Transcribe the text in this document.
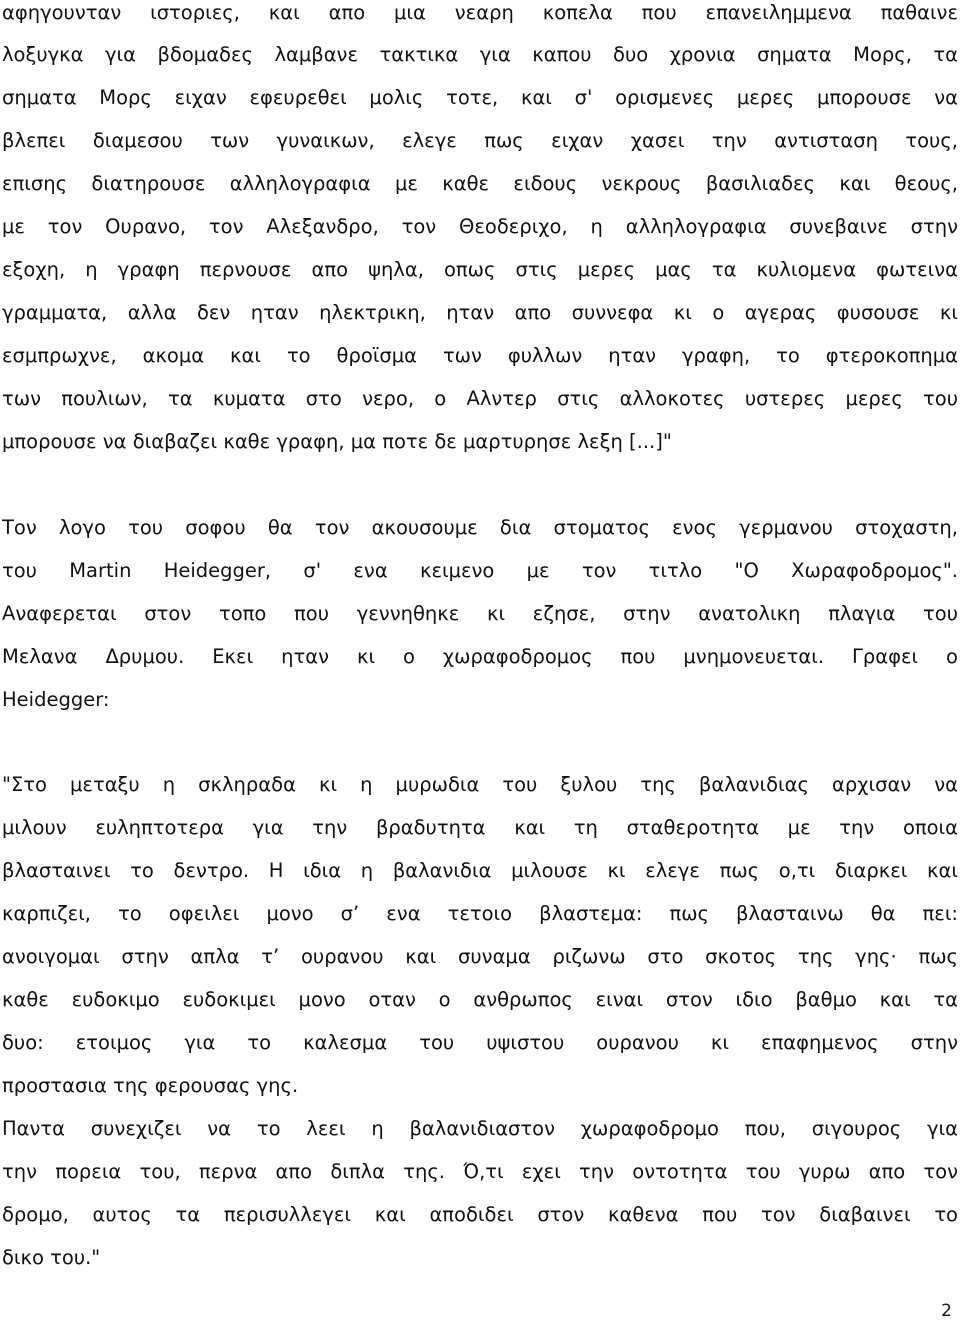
αφηγουνταν ιστοριες, και απο μια νεαρη κοπελα που επανειλημμενα παθαινε
λοξυγκα για βδομαδες λαμβανε τακτικα για καπου δυο χρονια σηματα Μορς, τα
σηματα Μορς ειχαν εφευρεθει μολις τοτε, και σ' ορισμενες μερες μπορουσε να
βλεπει διαμεσου των γυναικων, ελεγε πως ειχαν χασει την αντισταση τους,
επισης διατηρουσε αλληλογραφια με καθε ειδους νεκρους βασιλιαδες και θεους,
με τον Ουρανο, τον Αλεξανδρο, τον Θεοδεριχο, η αλληλογραφια συνεβαινε στην
εξοχη, η γραφη περνουσε απο ψηλα, οπως στις μερες μας τα κυλιομενα φωτεινα
γραμματα, αλλα δεν ηταν ηλεκτρικη, ηταν απο συννεφα κι ο αγερας φυσουσε κι
εσμπρωχνε, ακομα και το θροϊσμα των φυλλων ηταν γραφη, το φτεροκοπημα
των πουλιων, τα κυματα στο νερο, ο Αλντερ στις αλλοκοτες υστερες μερες του
μπορουσε να διαβαζει καθε γραφη, μα ποτε δε μαρτυρησε λεξη [...]"
Τον λογο του σοφου θα τον ακουσουμε δια στοματος ενος γερμανου στοχαστη,
του Martin Heidegger, σ' ενα κειμενο με τον τιτλο "Ο Χωραφοδρομος".
Αναφερεται στον τοπο που γεννηθηκε κι εζησε, στην ανατολικη πλαγια του
Μελανα Δρυμου. Εκει ηταν κι ο χωραφοδρομος που μνημονευεται. Γραφει ο
Heidegger:
"Στο μεταξυ η σκληραδα κι η μυρωδια του ξυλου της βαλανιδιας αρχισαν να
μιλουν ευληπτοτερα για την βραδυτητα και τη σταθεροτητα με την οποια
βλασταινει το δεντρο. Η ιδια η βαλανιδια μιλουσε κι ελεγε πως ο,τι διαρκει και
καρπιζει, το οφειλει μονο σ’ ενα τετοιο βλαστεμα: πως βλασταινω θα πει:
ανοιγομαι στην απλα τ’ ουρανου και συναμα ριζωνω στο σκοτος της γης· πως
καθε ευδοκιμο ευδοκιμει μονο οταν ο ανθρωπος ειναι στον ιδιο βαθμο και τα
δυο: ετοιμος για το καλεσμα του υψιστου ουρανου κι επαφημενος στην
προστασια της φερουσας γης.
Παντα συνεχιζει να το λεει η βαλανιδιαστον χωραφοδρομο που, σιγουρος για
την πορεια του, περνα απο διπλα της. Ό,τι εχει την οντοτητα του γυρω απο τον
δρομο, αυτος τα περισυλλεγει και αποδιδει στον καθενα που τον διαβαινει το
δικο του."
2
